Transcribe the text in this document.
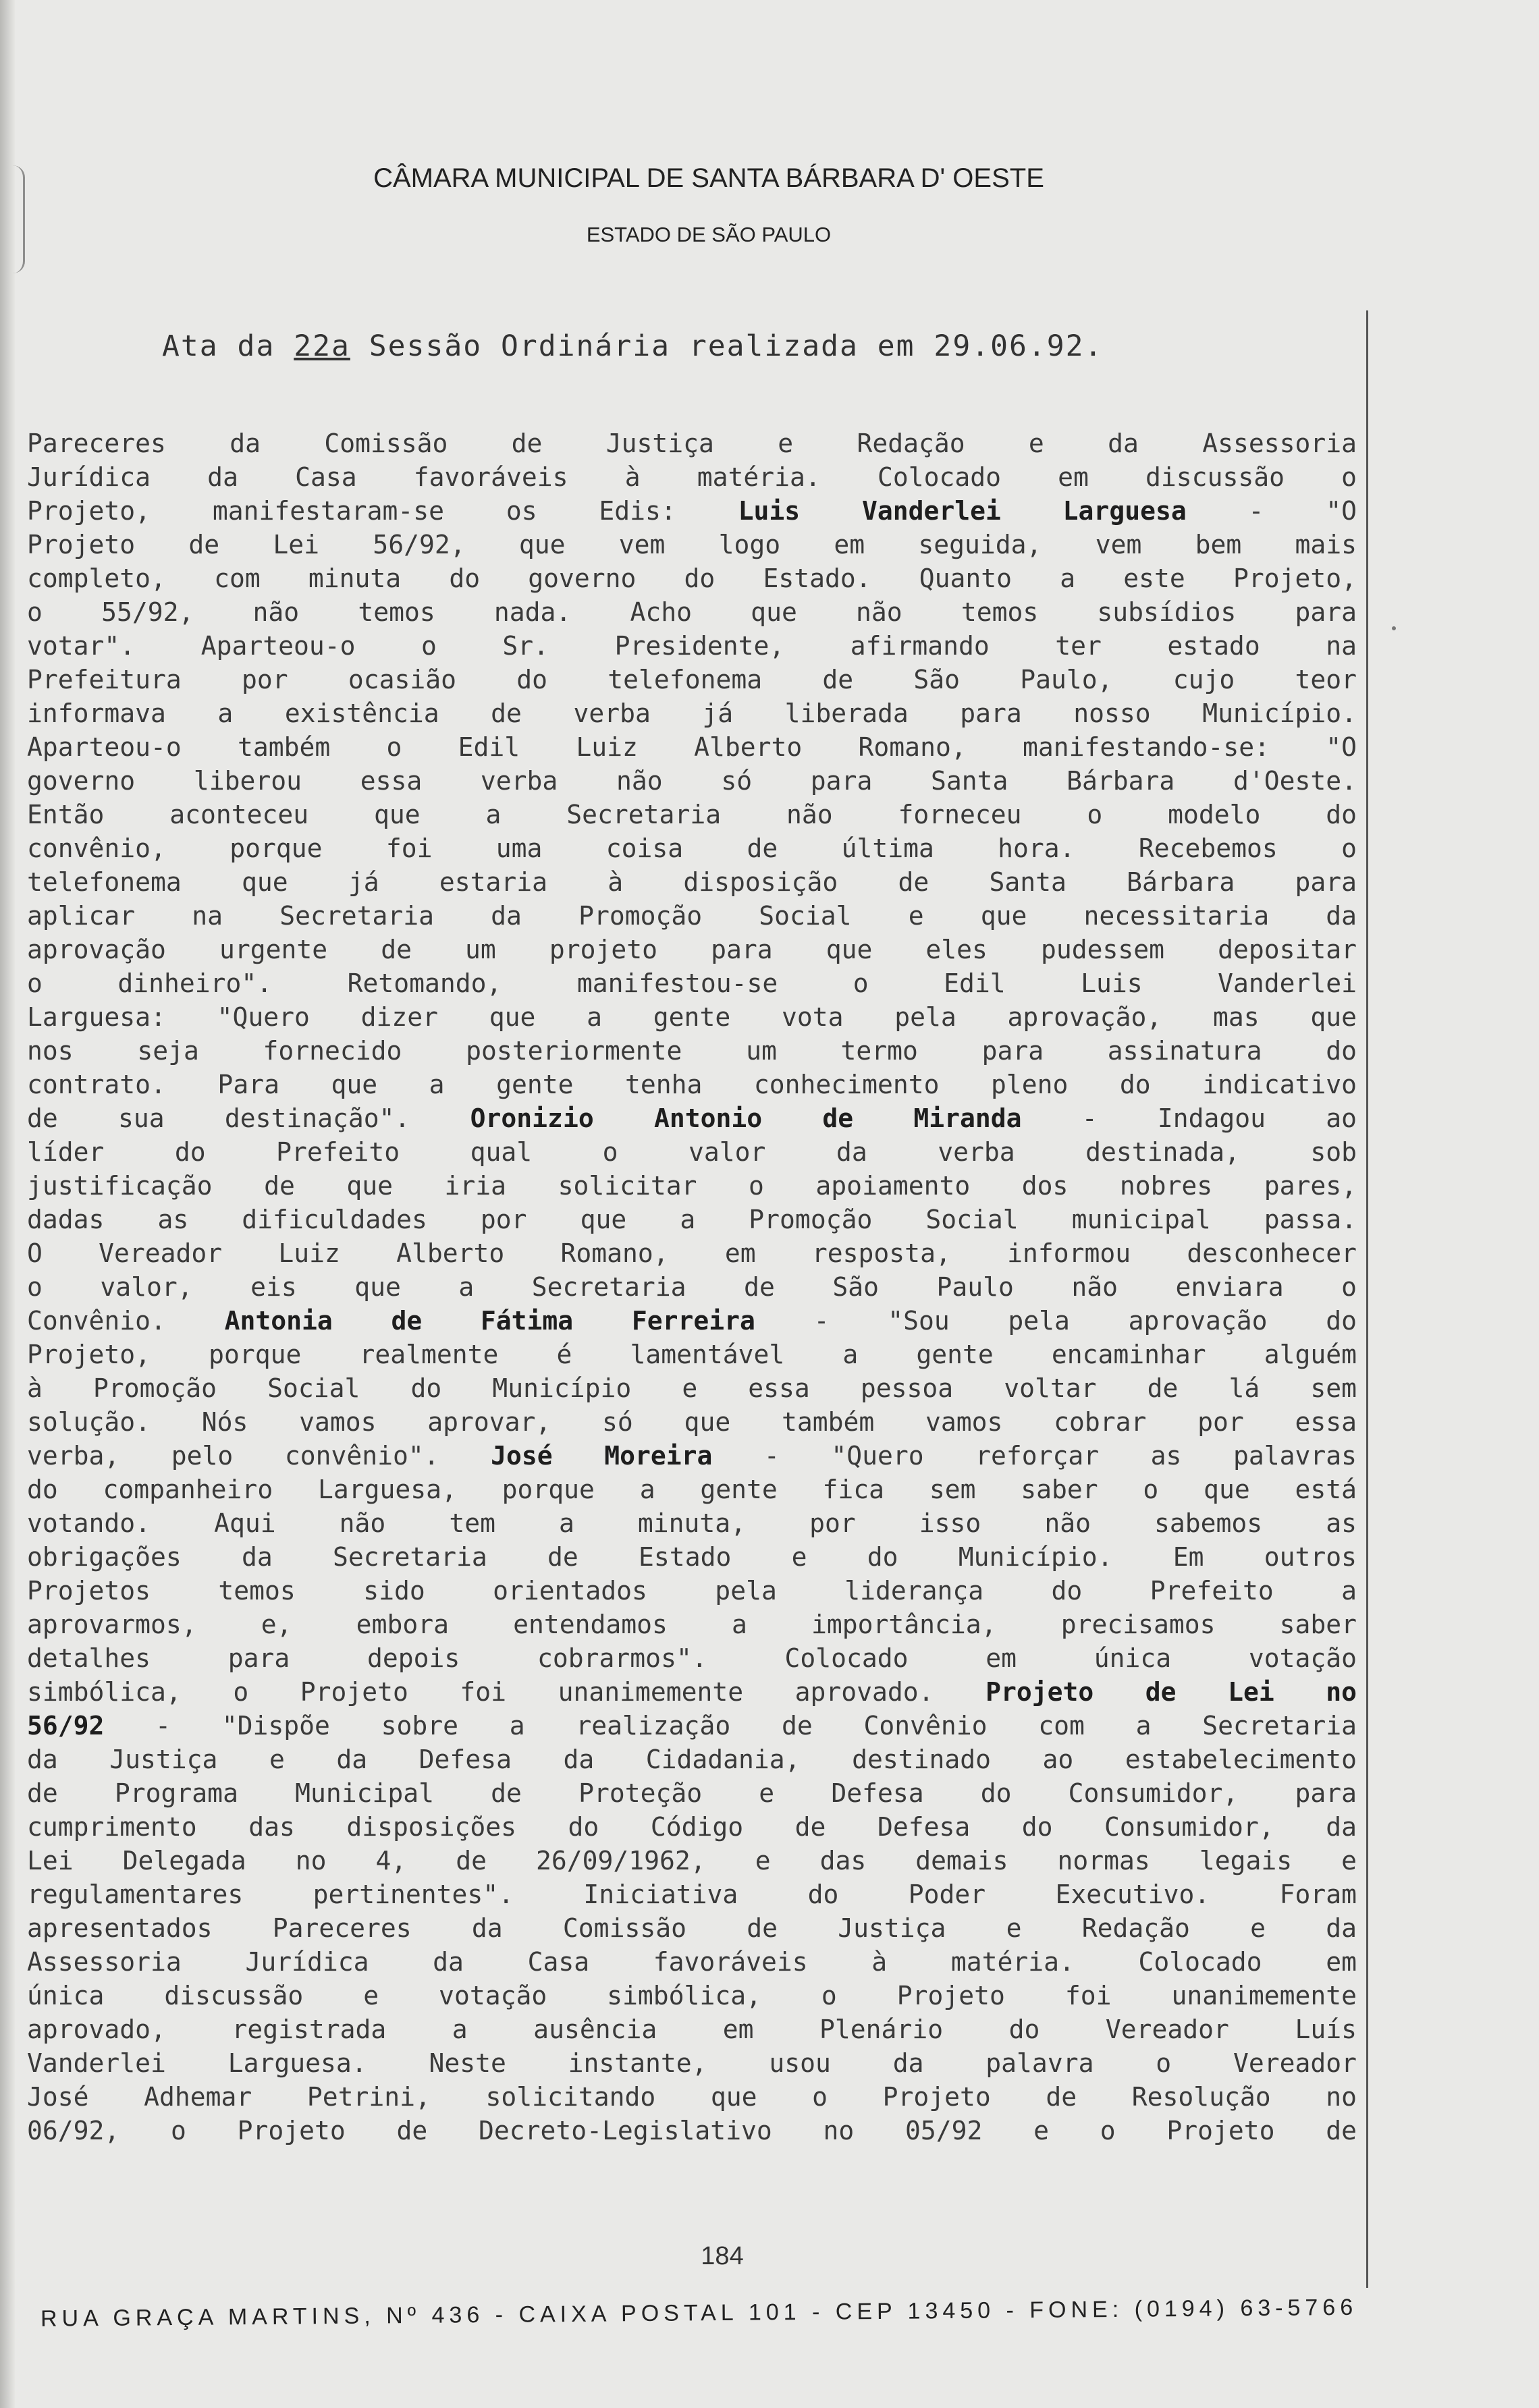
CÂMARA MUNICIPAL DE SANTA BÁRBARA D' OESTE
ESTADO DE SÃO PAULO
Ata da 22a Sessão Ordinária realizada em 29.06.92.
Pareceres da Comissão de Justiça e Redação e da Assessoria
Jurídica da Casa favoráveis à matéria. Colocado em discussão o
Projeto, manifestaram-se os Edis: Luis Vanderlei Larguesa - "O
Projeto de Lei 56/92, que vem logo em seguida, vem bem mais
completo, com minuta do governo do Estado. Quanto a este Projeto,
o 55/92, não temos nada. Acho que não temos subsídios para
votar". Aparteou-o o Sr. Presidente, afirmando ter estado na
Prefeitura por ocasião do telefonema de São Paulo, cujo teor
informava a existência de verba já liberada para nosso Município.
Aparteou-o também o Edil Luiz Alberto Romano, manifestando-se: "O
governo liberou essa verba não só para Santa Bárbara d'Oeste.
Então aconteceu que a Secretaria não forneceu o modelo do
convênio, porque foi uma coisa de última hora. Recebemos o
telefonema que já estaria à disposição de Santa Bárbara para
aplicar na Secretaria da Promoção Social e que necessitaria da
aprovação urgente de um projeto para que eles pudessem depositar
o dinheiro". Retomando, manifestou-se o Edil Luis Vanderlei
Larguesa: "Quero dizer que a gente vota pela aprovação, mas que
nos seja fornecido posteriormente um termo para assinatura do
contrato. Para que a gente tenha conhecimento pleno do indicativo
de sua destinação". Oronizio Antonio de Miranda - Indagou ao
líder do Prefeito qual o valor da verba destinada, sob
justificação de que iria solicitar o apoiamento dos nobres pares,
dadas as dificuldades por que a Promoção Social municipal passa.
O Vereador Luiz Alberto Romano, em resposta, informou desconhecer
o valor, eis que a Secretaria de São Paulo não enviara o
Convênio. Antonia de Fátima Ferreira - "Sou pela aprovação do
Projeto, porque realmente é lamentável a gente encaminhar alguém
à Promoção Social do Município e essa pessoa voltar de lá sem
solução. Nós vamos aprovar, só que também vamos cobrar por essa
verba, pelo convênio". José Moreira - "Quero reforçar as palavras
do companheiro Larguesa, porque a gente fica sem saber o que está
votando. Aqui não tem a minuta, por isso não sabemos as
obrigações da Secretaria de Estado e do Município. Em outros
Projetos temos sido orientados pela liderança do Prefeito a
aprovarmos, e, embora entendamos a importância, precisamos saber
detalhes para depois cobrarmos". Colocado em única votação
simbólica, o Projeto foi unanimemente aprovado. Projeto de Lei no
56/92 - "Dispõe sobre a realização de Convênio com a Secretaria
da Justiça e da Defesa da Cidadania, destinado ao estabelecimento
de Programa Municipal de Proteção e Defesa do Consumidor, para
cumprimento das disposições do Código de Defesa do Consumidor, da
Lei Delegada no 4, de 26/09/1962, e das demais normas legais e
regulamentares pertinentes". Iniciativa do Poder Executivo. Foram
apresentados Pareceres da Comissão de Justiça e Redação e da
Assessoria Jurídica da Casa favoráveis à matéria. Colocado em
única discussão e votação simbólica, o Projeto foi unanimemente
aprovado, registrada a ausência em Plenário do Vereador Luís
Vanderlei Larguesa. Neste instante, usou da palavra o Vereador
José Adhemar Petrini, solicitando que o Projeto de Resolução no
06/92, o Projeto de Decreto-Legislativo no 05/92 e o Projeto de
184
RUA GRAÇA MARTINS, Nº 436 - CAIXA POSTAL 101 - CEP 13450 - FONE: (0194) 63-5766
